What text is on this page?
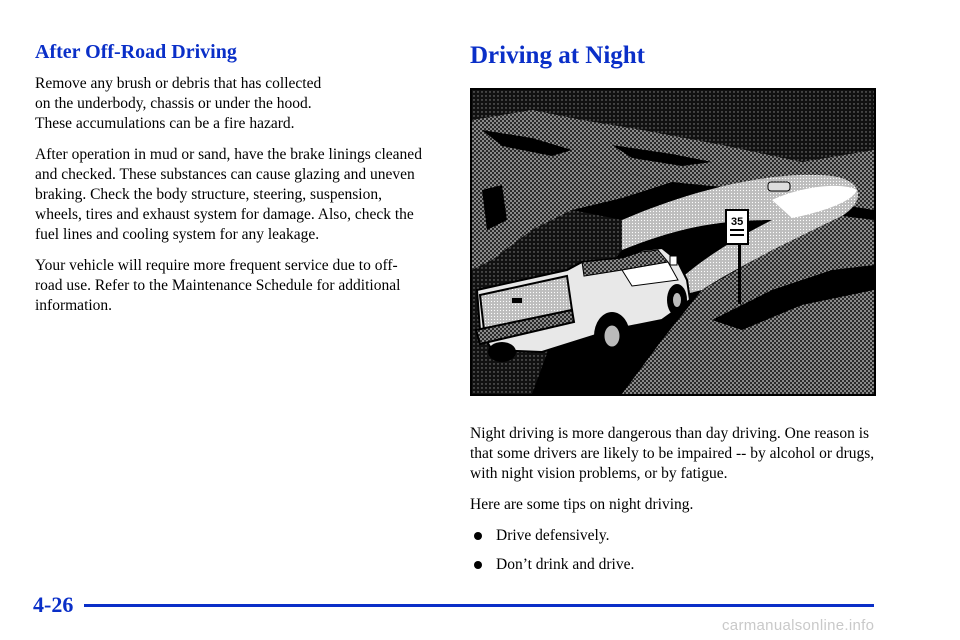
After Off-Road Driving

Remove any brush or debris that has collected
on the underbody, chassis or under the hood.
These accumulations can be a fire hazard.

After operation in mud or sand, have the brake linings cleaned and checked. These substances can cause glazing and uneven braking. Check the body structure, steering, suspension, wheels, tires and exhaust system for damage. Also, check the fuel lines and cooling system for any leakage.

Your vehicle will require more frequent service due to off-road use. Refer to the Maintenance Schedule for additional information.

Driving at Night
35

Night driving is more dangerous than day driving. One reason is that some drivers are likely to be impaired -- by alcohol or drugs, with night vision problems, or by fatigue.

Here are some tips on night driving.

Drive defensively.
Don’t drink and drive.
4-26
carmanualsonline.info
